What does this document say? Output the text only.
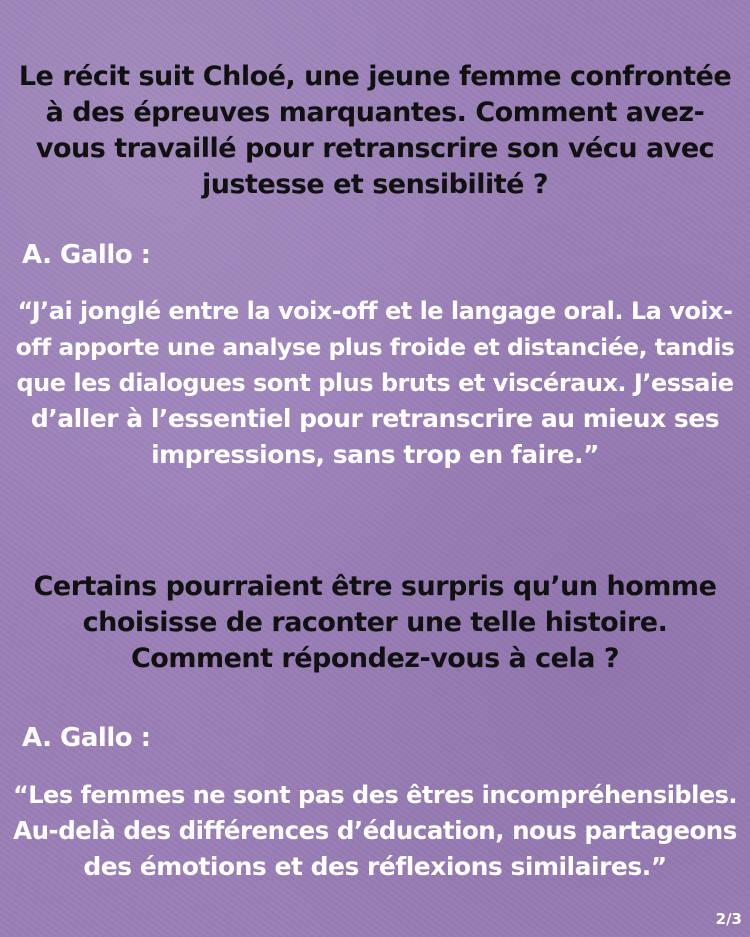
Le récit suit Chloé, une jeune femme confrontée
à des épreuves marquantes. Comment avez-
vous travaillé pour retranscrire son vécu avec
justesse et sensibilité ?
A. Gallo :
“J’ai jonglé entre la voix-off et le langage oral. La voix-
off apporte une analyse plus froide et distanciée, tandis
que les dialogues sont plus bruts et viscéraux. J’essaie
d’aller à l’essentiel pour retranscrire au mieux ses
impressions, sans trop en faire.”
Certains pourraient être surpris qu’un homme
choisisse de raconter une telle histoire.
Comment répondez-vous à cela ?
A. Gallo :
“Les femmes ne sont pas des êtres incompréhensibles.
Au-delà des différences d’éducation, nous partageons
des émotions et des réflexions similaires.”
2/3
